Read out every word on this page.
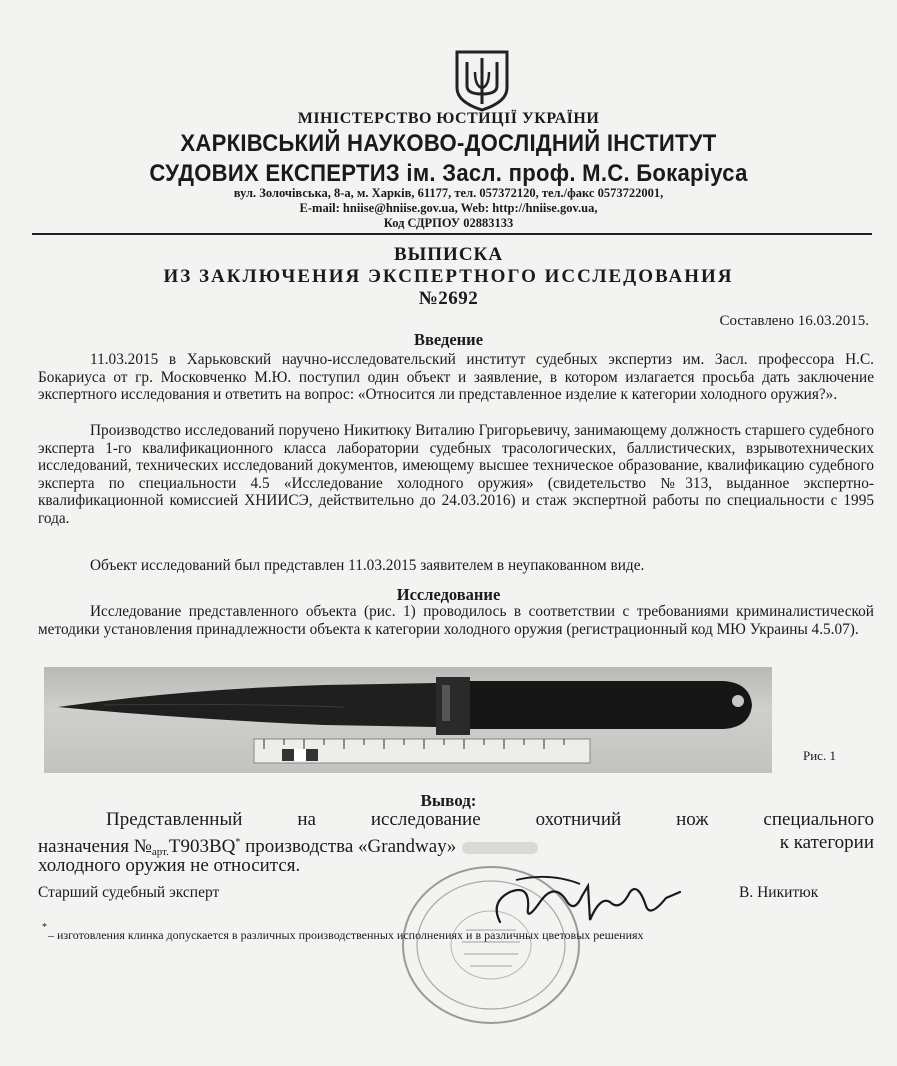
МІНІСТЕРСТВО ЮСТИЦІЇ УКРАЇНИ
ХАРКІВСЬКИЙ НАУКОВО-ДОСЛІДНИЙ ІНСТИТУТ
СУДОВИХ ЕКСПЕРТИЗ ім. Засл. проф. М.С. Бокаріуса
вул. Золочівська, 8-а, м. Харків, 61177, тел. 057372120, тел./факс 0573722001,
E-mail: hniise@hniise.gov.ua, Web: http://hniise.gov.ua,
Код СДРПОУ 02883133
ВЫПИСКА
ИЗ ЗАКЛЮЧЕНИЯ ЭКСПЕРТНОГО ИССЛЕДОВАНИЯ
№2692
Составлено 16.03.2015.
Введение
11.03.2015 в Харьковский научно-исследовательский институт судебных экспертиз им. Засл. профессора Н.С. Бокариуса от гр. Московченко М.Ю. поступил один объект и заявление, в котором излагается просьба дать заключение экспертного исследования и ответить на вопрос: «Относится ли представленное изделие к категории холодного оружия?».
Производство исследований поручено Никитюку Виталию Григорьевичу, занимающему должность старшего судебного эксперта 1-го квалификационного класса лаборатории судебных трасологических, баллистических, взрывотехнических исследований, технических исследований документов, имеющему высшее техническое образование, квалификацию судебного эксперта по специальности 4.5 «Исследование холодного оружия» (свидетельство №313, выданное экспертно-квалификационной комиссией ХНИИСЭ, действительно до 24.03.2016) и стаж экспертной работы по специальности с 1995 года.
Объект исследований был представлен 11.03.2015 заявителем в неупакованном виде.
Исследование
Исследование представленного объекта (рис. 1) проводилось в соответствии с требованиями криминалистической методики установления принадлежности объекта к категории холодного оружия (регистрационный код МЮ Украины 4.5.07).
Рис. 1
Вывод:
Представленный на исследование охотничий нож специального
назначения $№_{арт.}Т903BQ^*$ производства «Grandway»	к категории
холодного оружия не относится.
Старший судебный эксперт	В. Никитюк
*
– изготовления клинка допускается в различных производственных исполнениях и в различных цветовых решениях
